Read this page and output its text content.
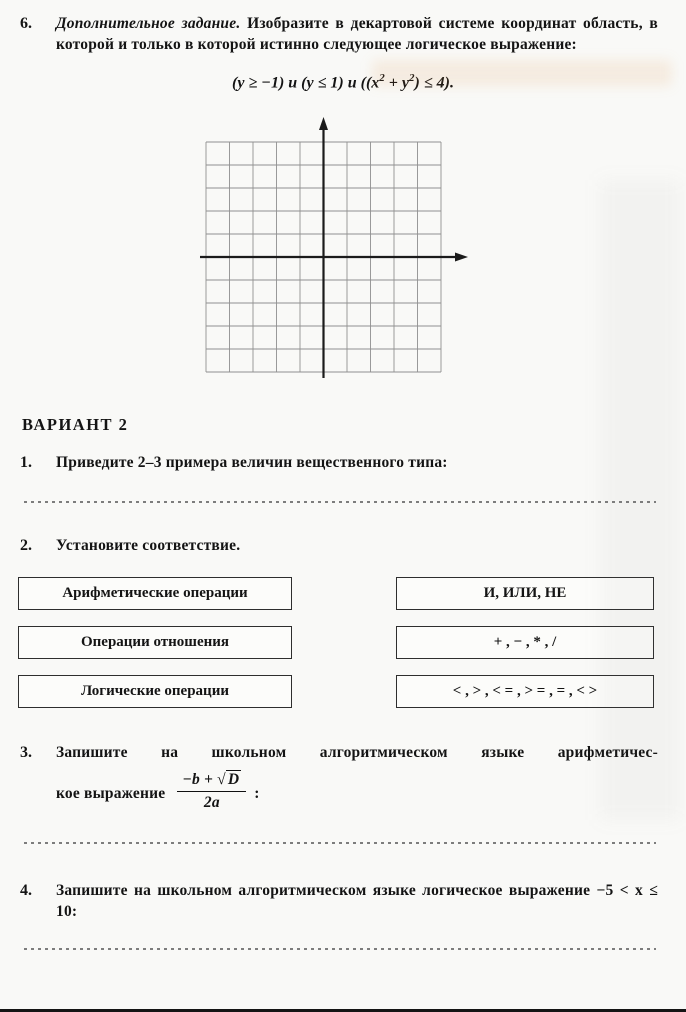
6.	Дополнительное задание. Изобразите в декартовой системе координат область, в которой и только в которой истинно следующее логическое выражение:
(y ≥ −1) и (y ≤ 1) и $((x^2 + y^2) \le 4)$.
ВАРИАНТ 2
1.	Приведите 2–3 примера величин вещественного типа:
2.	Установите соответствие.
Арифметические операции
Операции отношения
Логические операции
И, ИЛИ, НЕ
+ , − , * , /
< , > , < = , > = , = , < >
3.	Запишите на школьном алгоритмическом языке арифметичес-
кое выражение $\frac{-b + √ D}{2a}$ :
4.	Запишите на школьном алгоритмическом языке логическое выражение −5 < x ≤ 10:
